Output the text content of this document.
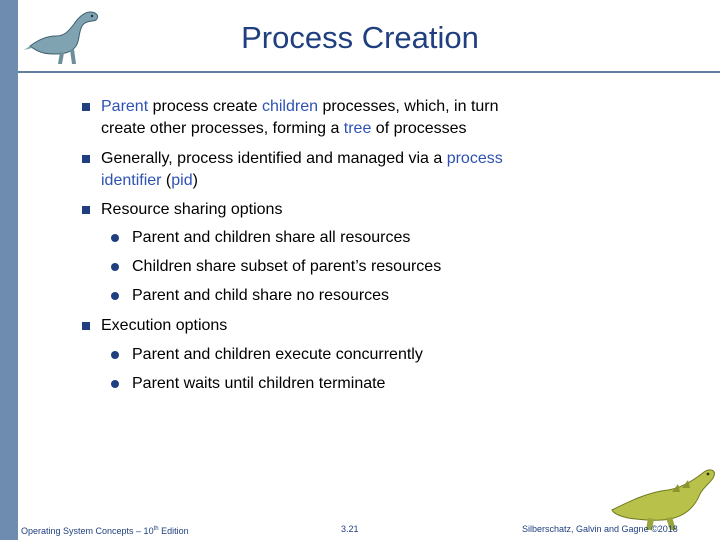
Process Creation
Parent process create children processes, which, in turn
create other processes, forming a tree of processes
Generally, process identified and managed via a process
identifier (pid)
Resource sharing options
Parent and children share all resources
Children share subset of parent’s resources
Parent and child share no resources
Execution options
Parent and children execute concurrently
Parent waits until children terminate
Operating System Concepts – 10th Edition	3.21	Silberschatz, Galvin and Gagne ©2018
